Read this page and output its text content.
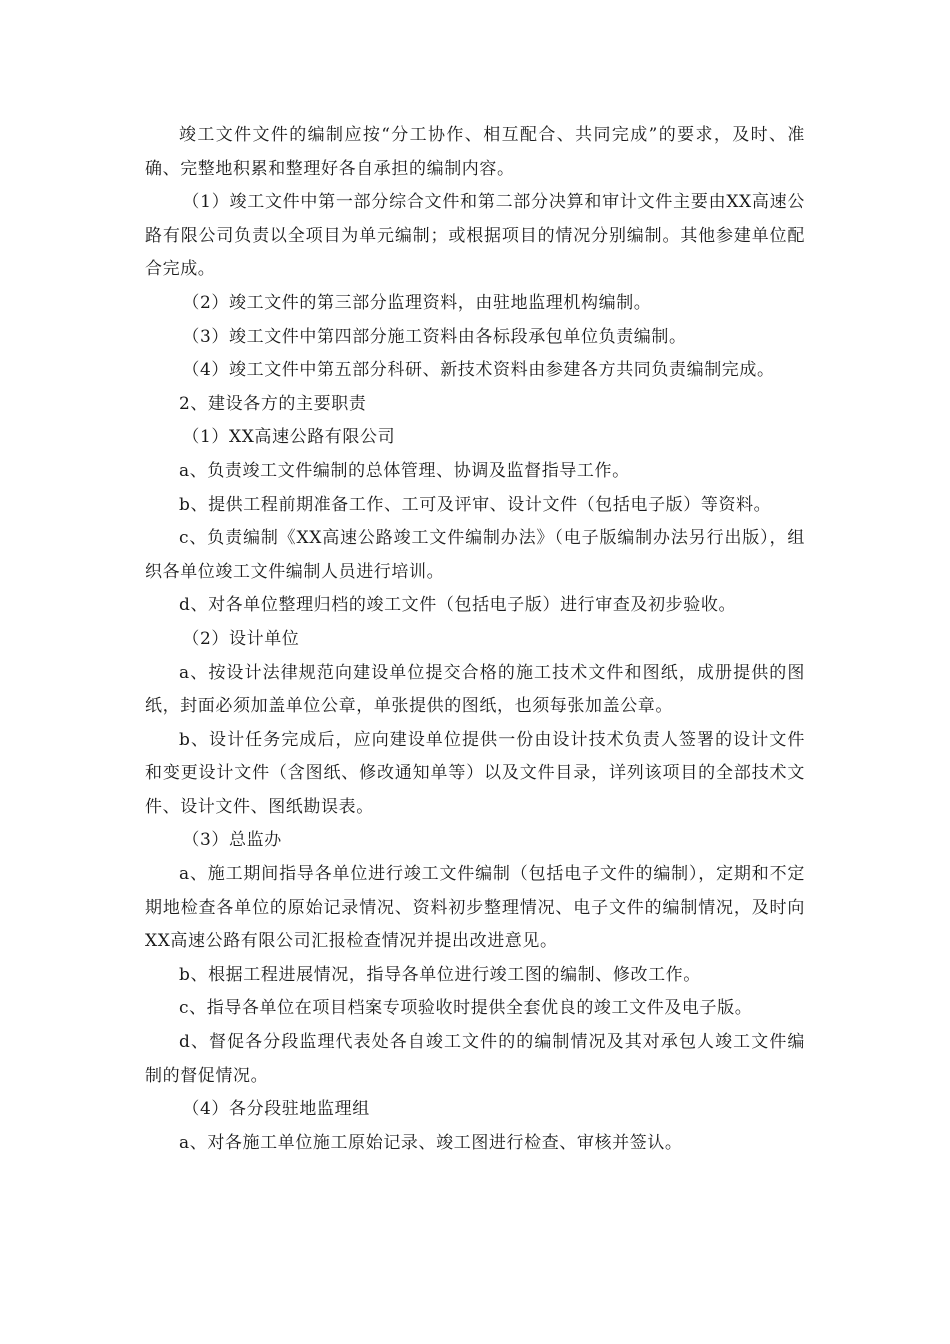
竣工文件文件的编制应按“分工协作、相互配合、共同完成”的要求，及时、准确、完整地积累和整理好各自承担的编制内容。

（1）竣工文件中第一部分综合文件和第二部分决算和审计文件主要由XX高速公路有限公司负责以全项目为单元编制；或根据项目的情况分别编制。其他参建单位配合完成。

（2）竣工文件的第三部分监理资料，由驻地监理机构编制。

（3）竣工文件中第四部分施工资料由各标段承包单位负责编制。

（4）竣工文件中第五部分科研、新技术资料由参建各方共同负责编制完成。

2、建设各方的主要职责

（1）XX高速公路有限公司

a、负责竣工文件编制的总体管理、协调及监督指导工作。

b、提供工程前期准备工作、工可及评审、设计文件（包括电子版）等资料。

c、负责编制《XX高速公路竣工文件编制办法》（电子版编制办法另行出版），组织各单位竣工文件编制人员进行培训。

d、对各单位整理归档的竣工文件（包括电子版）进行审查及初步验收。

（2）设计单位

a、按设计法律规范向建设单位提交合格的施工技术文件和图纸，成册提供的图纸，封面必须加盖单位公章，单张提供的图纸，也须每张加盖公章。

b、设计任务完成后，应向建设单位提供一份由设计技术负责人签署的设计文件和变更设计文件（含图纸、修改通知单等）以及文件目录，详列该项目的全部技术文件、设计文件、图纸勘误表。

（3）总监办

a、施工期间指导各单位进行竣工文件编制（包括电子文件的编制），定期和不定期地检查各单位的原始记录情况、资料初步整理情况、电子文件的编制情况，及时向XX高速公路有限公司汇报检查情况并提出改进意见。

b、根据工程进展情况，指导各单位进行竣工图的编制、修改工作。

c、指导各单位在项目档案专项验收时提供全套优良的竣工文件及电子版。

d、督促各分段监理代表处各自竣工文件的的编制情况及其对承包人竣工文件编制的督促情况。

（4）各分段驻地监理组

a、对各施工单位施工原始记录、竣工图进行检查、审核并签认。
